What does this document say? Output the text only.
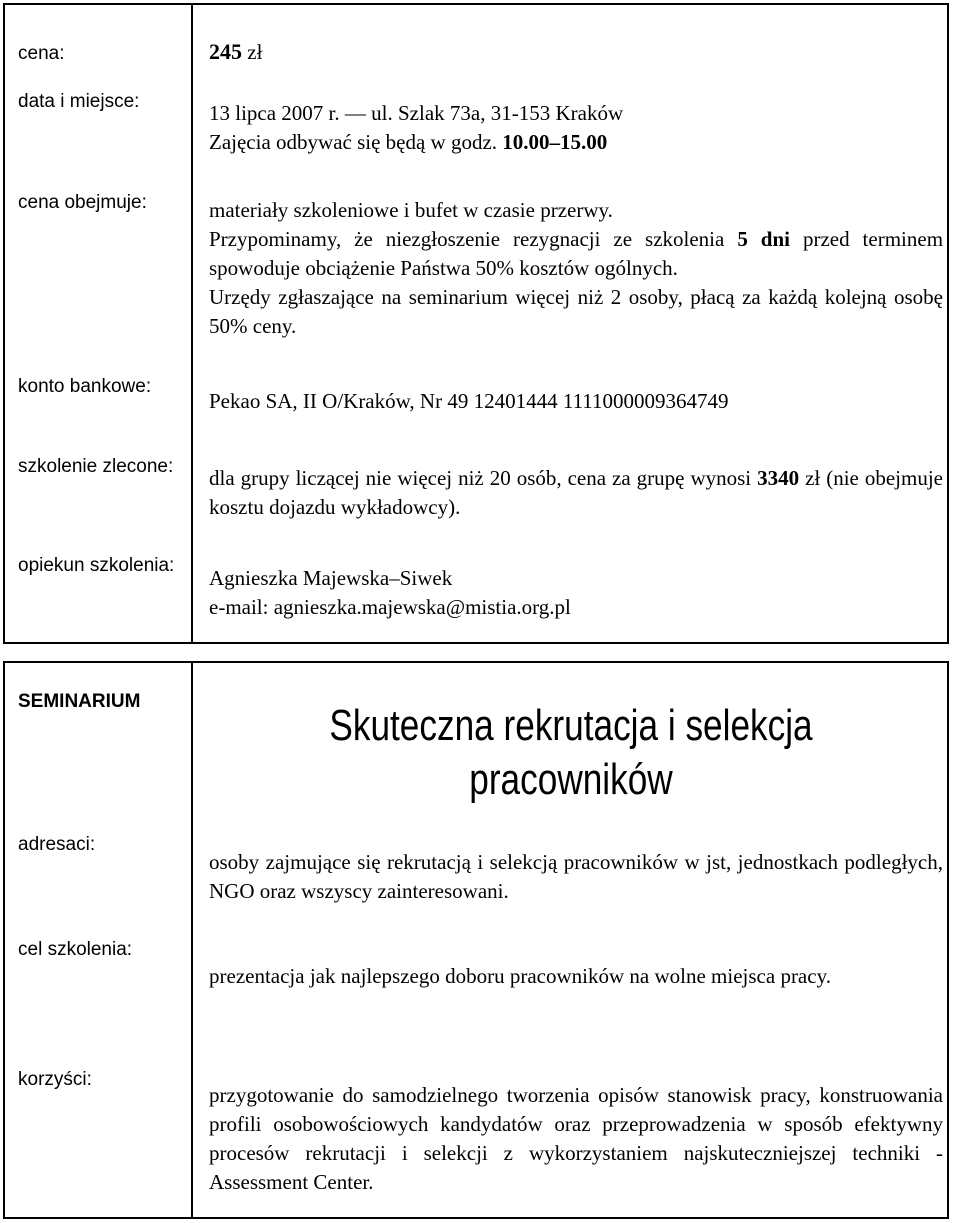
cena:	245 zł
data i miejsce:	13 lipca 2007 r. — ul. Szlak 73a, 31-153 Kraków

Zajęcia odbywać się będą w godz. 10.00–15.00

cena obejmuje:	materiały szkoleniowe i bufet w czasie przerwy.

Przypominamy, że niezgłoszenie rezygnacji ze szkolenia 5 dni przed terminem spowoduje obciążenie Państwa 50% kosztów ogólnych.

Urzędy zgłaszające na seminarium więcej niż 2 osoby, płacą za każdą kolejną osobę 50% ceny.

konto bankowe:
Pekao SA, II O/Kraków, Nr 49 12401444 1111000009364749
szkolenie zlecone:	dla grupy liczącej nie więcej niż 20 osób, cena za grupę wynosi 3340 zł (nie obejmuje kosztu dojazdu wykładowcy).
opiekun szkolenia:

Agnieszka Majewska–Siwek

e-mail: agnieszka.majewska@mistia.org.pl

SEMINARIUM	Skuteczna rekrutacja i selekcja

pracowników

adresaci:
osoby zajmujące się rekrutacją i selekcją pracowników w jst, jednostkach podległych, NGO oraz wszyscy zainteresowani.
cel szkolenia:
prezentacja jak najlepszego doboru pracowników na wolne miejsca pracy.
korzyści:
przygotowanie do samodzielnego tworzenia opisów stanowisk pracy, konstruowania profili osobowościowych kandydatów oraz przeprowadzenia w sposób efektywny procesów rekrutacji i selekcji z wykorzystaniem najskuteczniejszej techniki - Assessment Center.
